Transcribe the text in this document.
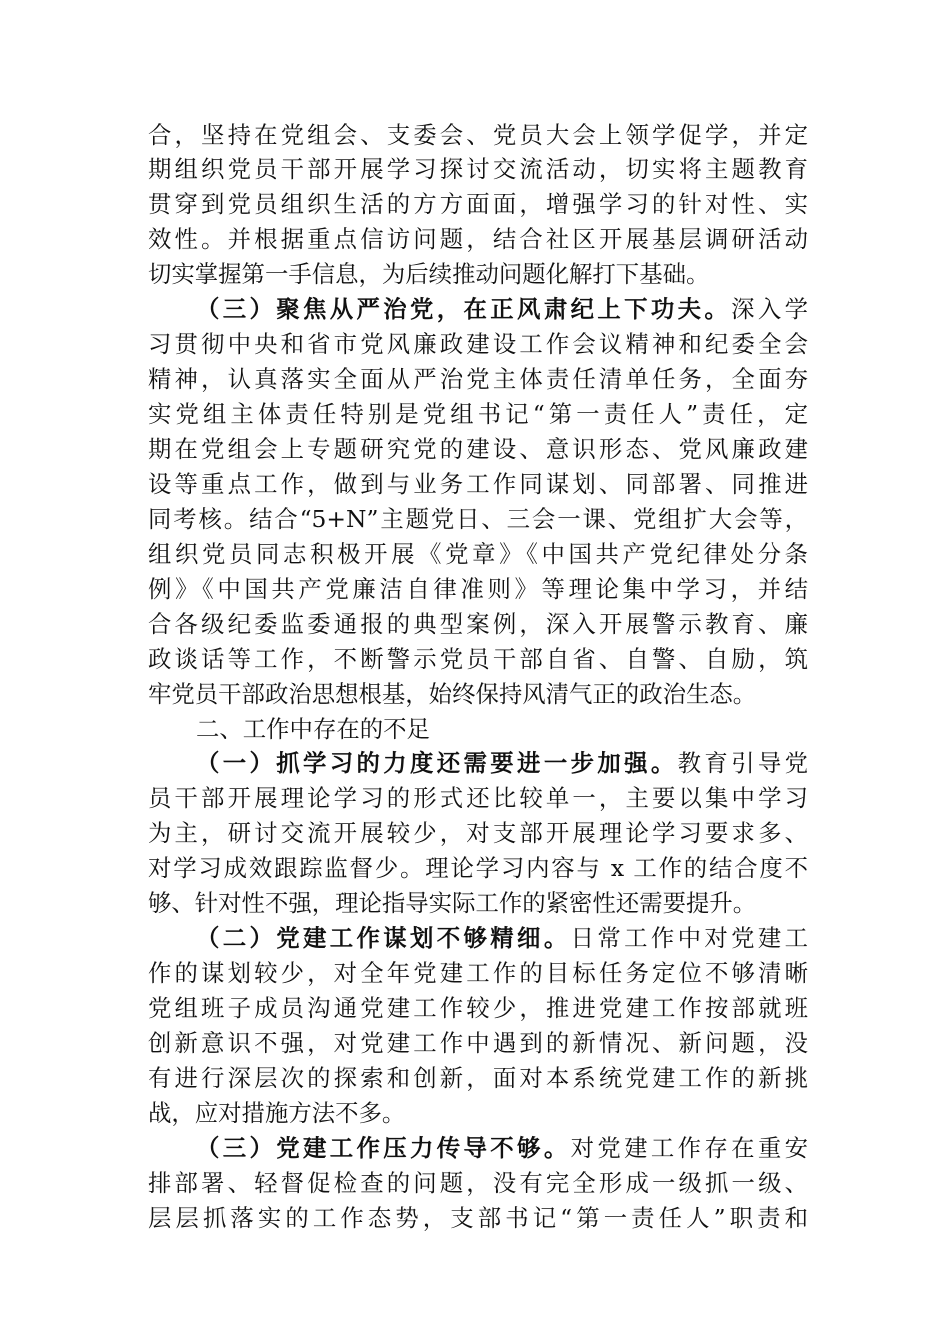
合，坚持在党组会、支委会、党员大会上领学促学，并定

期组织党员干部开展学习探讨交流活动，切实将主题教育

贯穿到党员组织生活的方方面面，增强学习的针对性、实

效性。并根据重点信访问题，结合社区开展基层调研活动

切实掌握第一手信息，为后续推动问题化解打下基础。

（三）聚焦从严治党，在正风肃纪上下功夫。深入学

习贯彻中央和省市党风廉政建设工作会议精神和纪委全会

精神，认真落实全面从严治党主体责任清单任务，全面夯

实党组主体责任特别是党组书记“第一责任人”责任，定

期在党组会上专题研究党的建设、意识形态、党风廉政建

设等重点工作，做到与业务工作同谋划、同部署、同推进

同考核。结合“5+N”主题党日、三会一课、党组扩大会等，

组织党员同志积极开展《党章》《中国共产党纪律处分条

例》《中国共产党廉洁自律准则》等理论集中学习，并结

合各级纪委监委通报的典型案例，深入开展警示教育、廉

政谈话等工作，不断警示党员干部自省、自警、自励，筑

牢党员干部政治思想根基，始终保持风清气正的政治生态。

二、工作中存在的不足

（一）抓学习的力度还需要进一步加强。教育引导党

员干部开展理论学习的形式还比较单一，主要以集中学习

为主，研讨交流开展较少，对支部开展理论学习要求多、

对学习成效跟踪监督少。理论学习内容与 x 工作的结合度不

够、针对性不强，理论指导实际工作的紧密性还需要提升。

（二）党建工作谋划不够精细。日常工作中对党建工

作的谋划较少，对全年党建工作的目标任务定位不够清晰

党组班子成员沟通党建工作较少，推进党建工作按部就班

创新意识不强，对党建工作中遇到的新情况、新问题，没

有进行深层次的探索和创新，面对本系统党建工作的新挑

战，应对措施方法不多。

（三）党建工作压力传导不够。对党建工作存在重安

排部署、轻督促检查的问题，没有完全形成一级抓一级、

层层抓落实的工作态势，支部书记“第一责任人”职责和
